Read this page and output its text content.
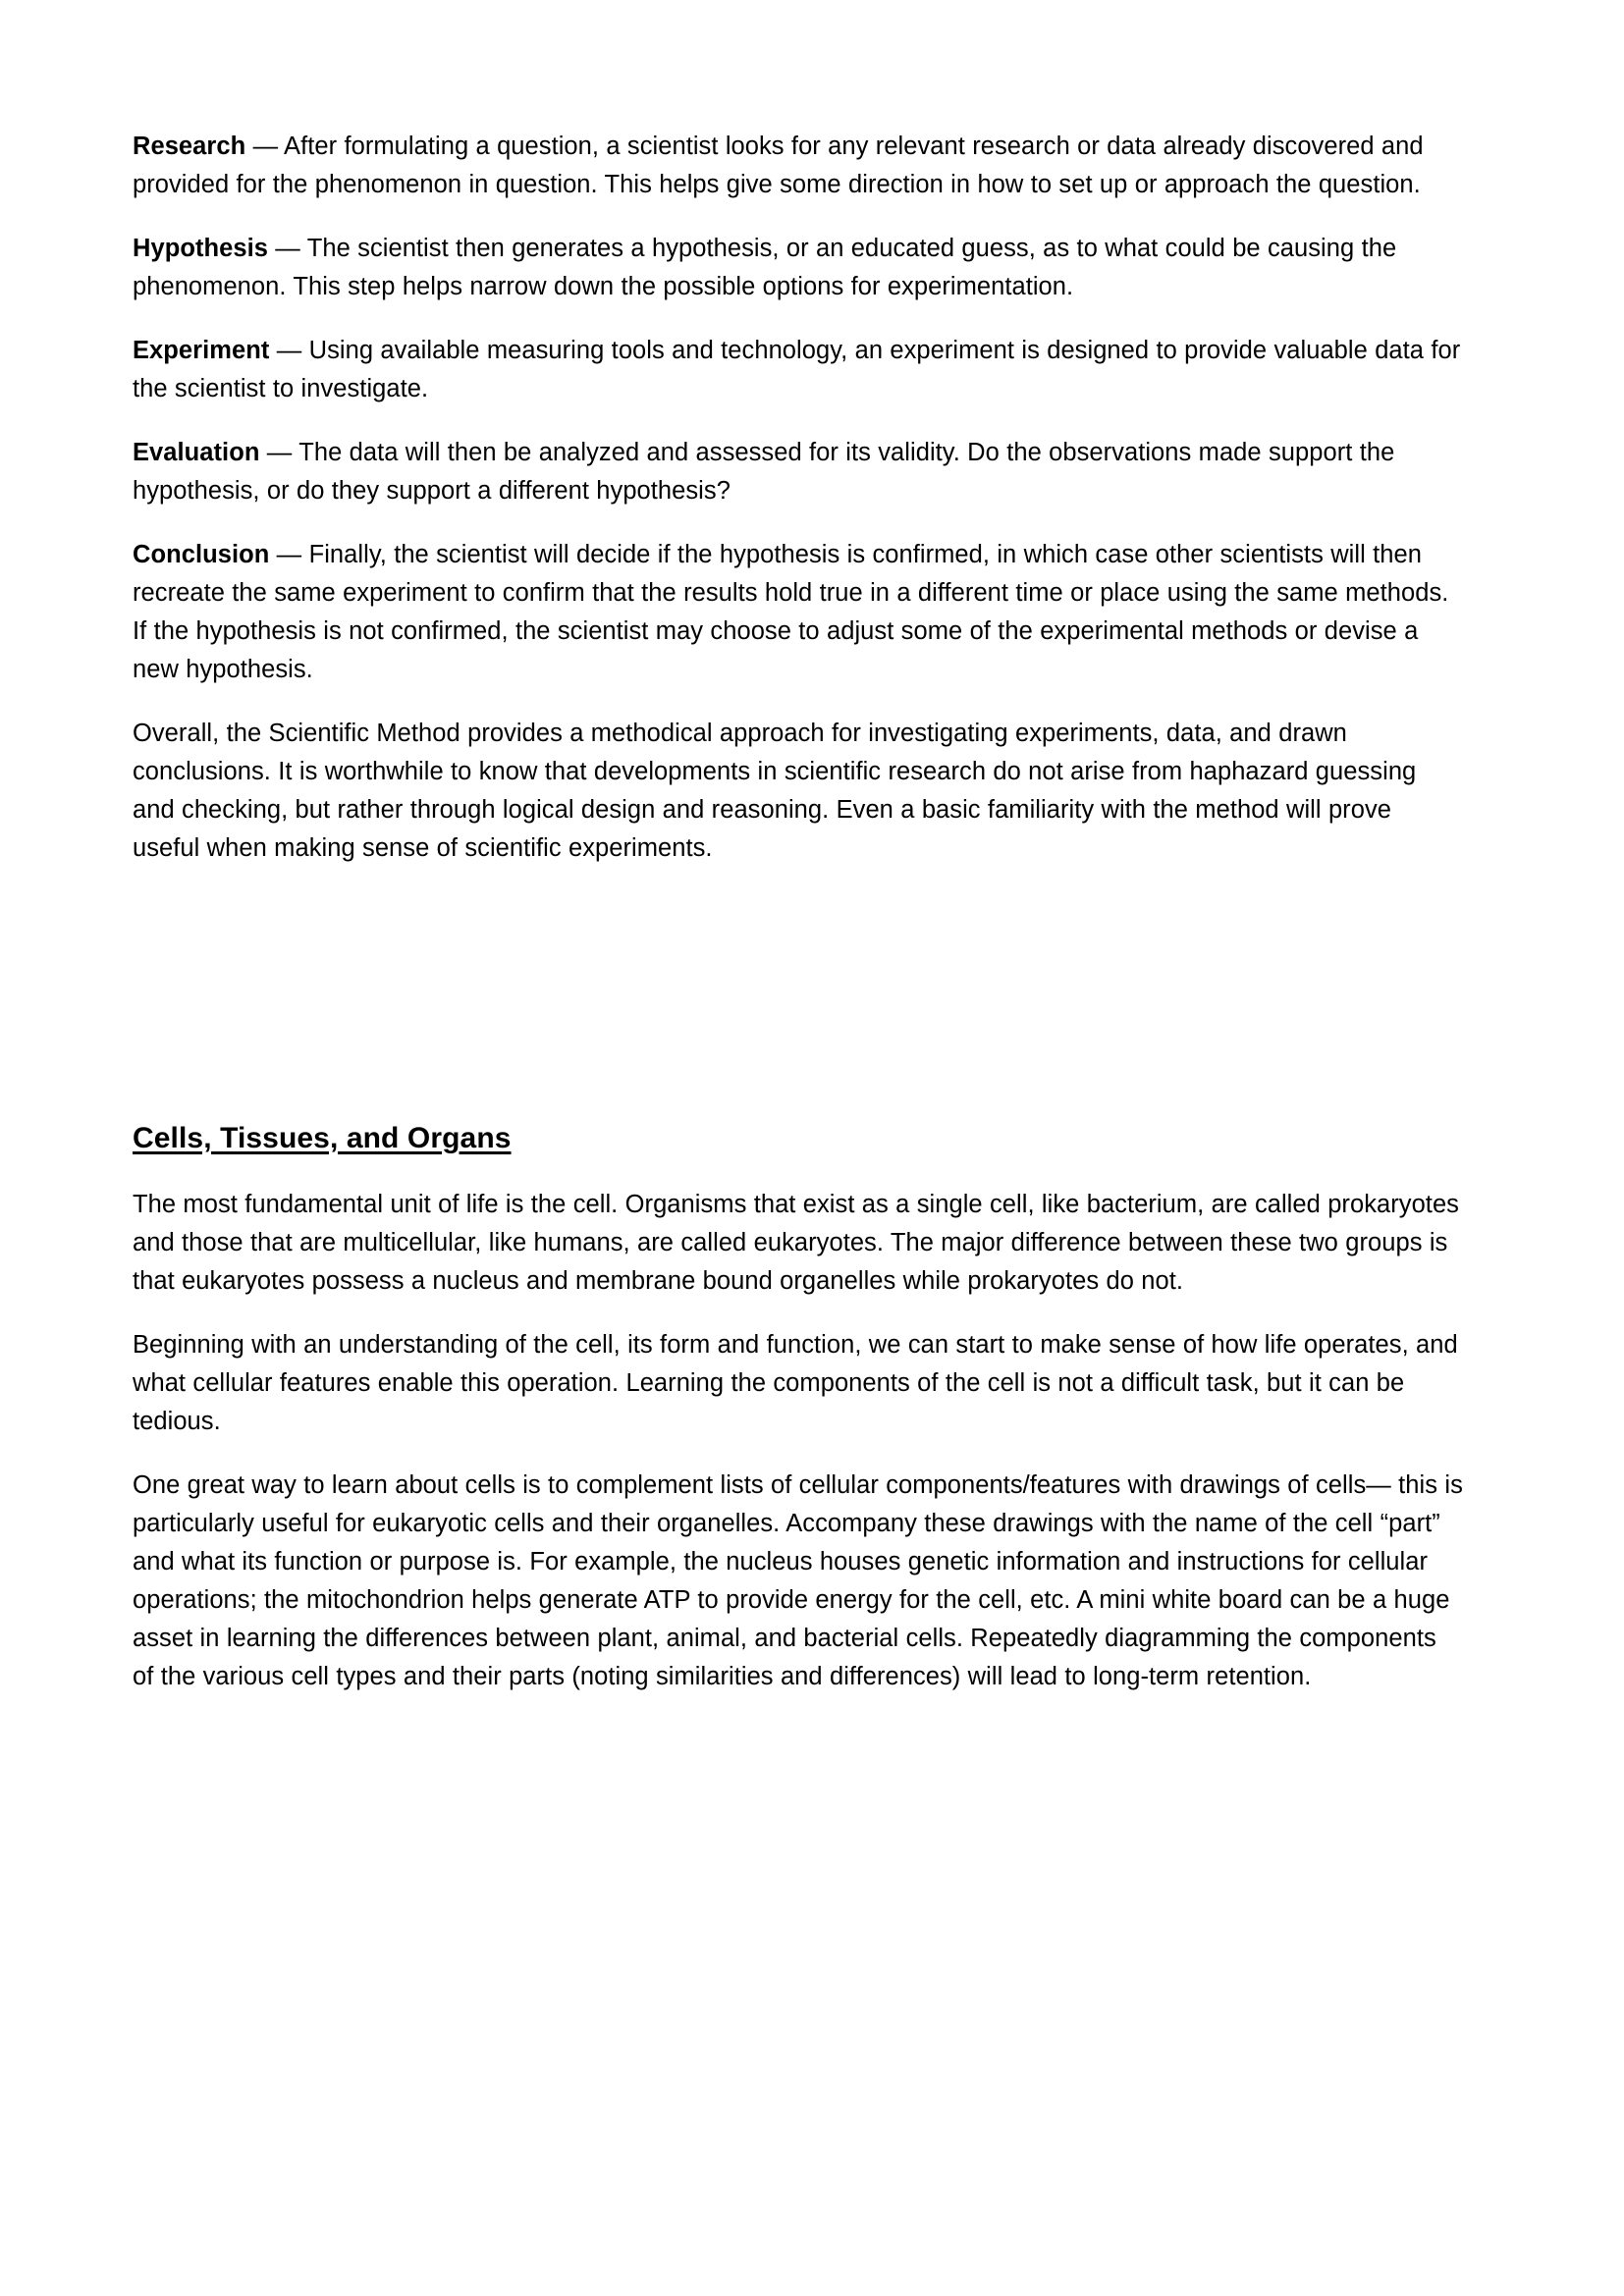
Research — After formulating a question, a scientist looks for any relevant research or data already discovered and provided for the phenomenon in question. This helps give some direction in how to set up or approach the question.

Hypothesis — The scientist then generates a hypothesis, or an educated guess, as to what could be causing the phenomenon. This step helps narrow down the possible options for experimentation.

Experiment — Using available measuring tools and technology, an experiment is designed to provide valuable data for the scientist to investigate.

Evaluation — The data will then be analyzed and assessed for its validity. Do the observations made support the hypothesis, or do they support a different hypothesis?

Conclusion — Finally, the scientist will decide if the hypothesis is confirmed, in which case other scientists will then recreate the same experiment to confirm that the results hold true in a different time or place using the same methods. If the hypothesis is not confirmed, the scientist may choose to adjust some of the experimental methods or devise a new hypothesis.

Overall, the Scientific Method provides a methodical approach for investigating experiments, data, and drawn conclusions. It is worthwhile to know that developments in scientific research do not arise from haphazard guessing and checking, but rather through logical design and reasoning. Even a basic familiarity with the method will prove useful when making sense of scientific experiments.

Cells, Tissues, and Organs

The most fundamental unit of life is the cell. Organisms that exist as a single cell, like bacterium, are called prokaryotes and those that are multicellular, like humans, are called eukaryotes. The major difference between these two groups is that eukaryotes possess a nucleus and membrane bound organelles while prokaryotes do not.

Beginning with an understanding of the cell, its form and function, we can start to make sense of how life operates, and what cellular features enable this operation. Learning the components of the cell is not a difficult task, but it can be tedious.

One great way to learn about cells is to complement lists of cellular components/features with drawings of cells— this is particularly useful for eukaryotic cells and their organelles. Accompany these drawings with the name of the cell “part” and what its function or purpose is. For example, the nucleus houses genetic information and instructions for cellular operations; the mitochondrion helps generate ATP to provide energy for the cell, etc. A mini white board can be a huge asset in learning the differences between plant, animal, and bacterial cells. Repeatedly diagramming the components of the various cell types and their parts (noting similarities and differences) will lead to long-term retention.
